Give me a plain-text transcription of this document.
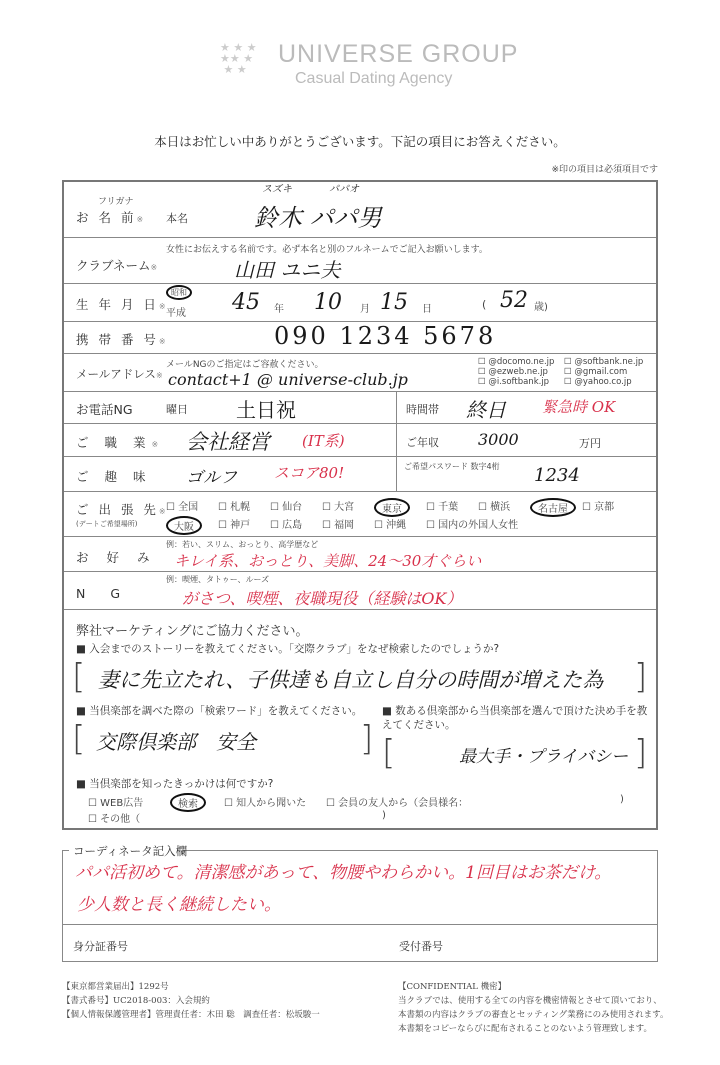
★ ★ ★
★★ ★
★ ★
UNIVERSE GROUP
Casual Dating Agency
本日はお忙しい中ありがとうございます。下記の項目にお答えください。
※印の項目は必須項目です
フリガナ
お 名 前※ 本名
スズキ	パパオ
鈴木 パパ男
クラブネーム※
女性にお伝えする名前です。必ず本名と別のフルネームでご記入お願いします。
山田 ユニ夫
生 年 月 日※
昭和
平成 45 年 10 月 15 日	( 52 歳)
携 帯 番 号※	090 1234 5678
メールアドレス※
メールNGのご指定はご容赦ください。
contact+1 @ universe-club.jp
☐ @docomo.ne.jp ☐ @softbank.ne.jp
☐ @ezweb.ne.jp ☐ @gmail.com
☐ @i.softbank.jp ☐ @yahoo.co.jp
お電話NG	曜日 土日祝	時間帯 終日 緊急時 OK
ご 職 業※ 会社経営 (IT系)	ご年収 3000	万円
ご 趣 味 ゴルフ スコア80!	ご希望パスワード 数字4桁 1234
ご 出 張 先※
(デートご希望場所)
☐ 全国 ☐ 札幌 ☐ 仙台 ☐ 大宮	東京	☐ 千葉 ☐ 横浜	名古屋	☐ 京都
大阪	☐ 神戸 ☐ 広島 ☐ 福岡 ☐ 沖縄 ☐ 国内の外国人女性
お 好 み
例：若い、スリム、おっとり、高学歴など
キレイ系、おっとり、美脚、24～30才ぐらい
N　　G
例：喫煙、タトゥー、ルーズ
がさつ、喫煙、夜職現役（経験はOK）
弊社マーケティングにご協力ください。
■ 入会までのストーリーを教えてください。「交際クラブ」をなぜ検索したのでしょうか?
[	]
妻に先立たれ、子供達も自立し自分の時間が増えた為
■ 当倶楽部を調べた際の「検索ワード」を教えてください。
[	]
交際倶楽部　安全
■ 数ある倶楽部から当倶楽部を選んで頂けた決め手を教えてください。
[	]
最大手・プライバシー
■ 当倶楽部を知ったきっかけは何ですか?
☐ WEB広告	検索	☐ 知人から聞いた ☐ 会員の友人から（会員様名：	)
☐ その他（	)
コーディネータ記入欄
パパ活初めて。清潔感があって、物腰やわらかい。1回目はお茶だけ。
少人数と長く継続したい。
身分証番号	受付番号
【東京都営業届出】1292号
【書式番号】UC2018-003：入会規約
【個人情報保護管理者】管理責任者：木田 聡　調査任者：松坂駿一
【CONFIDENTIAL 機密】
当クラブでは、使用する全ての内容を機密情報とさせて頂いており、
本書類の内容はクラブの審査とセッティング業務にのみ使用されます。
本書類をコピーならびに配布されることのないよう管理致します。
